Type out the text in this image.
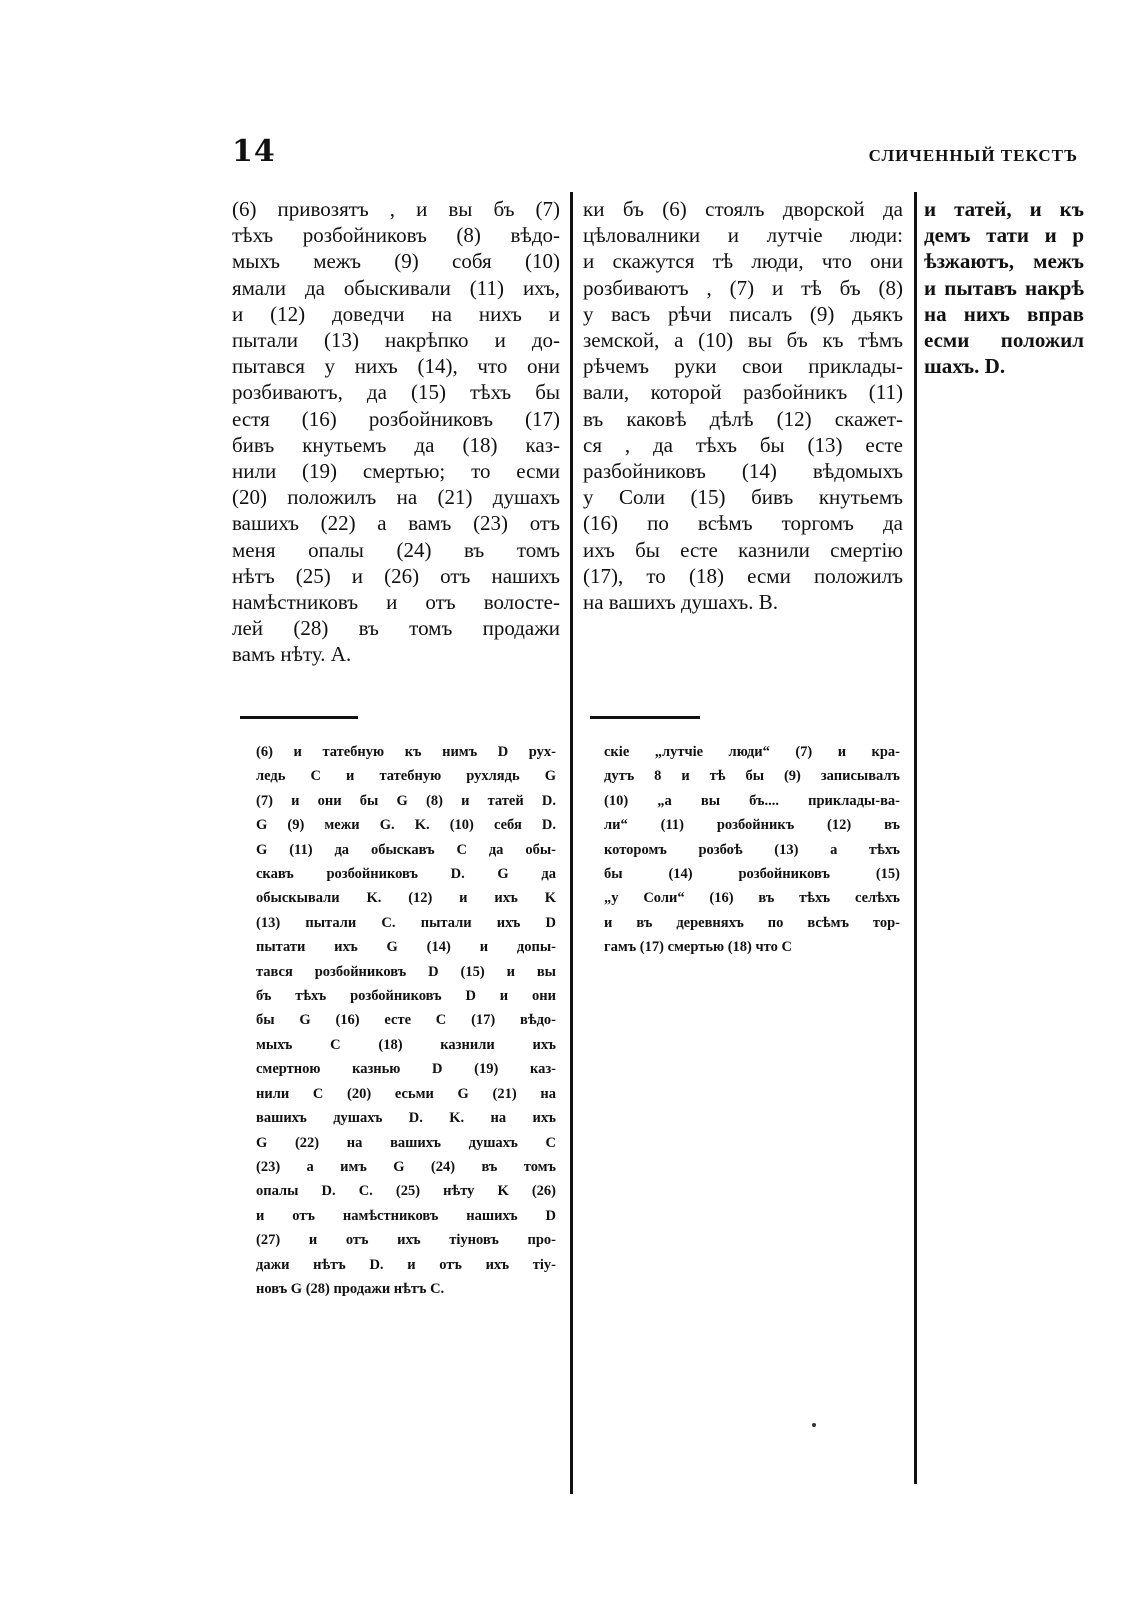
14	СЛИЧЕННЫЙ ТЕКСТЪ
(6) привозятъ , и вы бъ (7)
тѣхъ розбойниковъ (8) вѣдо-
мыхъ межъ (9) собя (10)
ямали да обыскивали (11) ихъ,
и (12) доведчи на нихъ и
пытали (13) накрѣпко и до-
пытався у нихъ (14), что они
розбиваютъ, да (15) тѣхъ бы
естя (16) розбойниковъ (17)
бивъ кнутьемъ да (18) каз-
нили (19) смертью; то есми
(20) положилъ на (21) душахъ
вашихъ (22) а вамъ (23) отъ
меня опалы (24) въ томъ
нѣтъ (25) и (26) отъ нашихъ
намѣстниковъ и отъ волосте-
лей (28) въ томъ продажи
вамъ нѣту. A.
ки бъ (6) стоялъ дворской да
цѣловалники и лутчіе люди:
и скажутся тѣ люди, что они
розбиваютъ , (7) и тѣ бъ (8)
у васъ рѣчи писалъ (9) дьякъ
земской, а (10) вы бъ къ тѣмъ
рѣчемъ руки свои приклады-
вали, которой разбойникъ (11)
въ каковѣ дѣлѣ (12) скажет-
ся , да тѣхъ бы (13) есте
разбойниковъ (14) вѣдомыхъ
у Соли (15) бивъ кнутьемъ
(16) по всѣмъ торгомъ да
ихъ бы есте казнили смертію
(17), то (18) есми положилъ
на вашихъ душахъ. B.
и татей, и къ
демъ тати и р
ѣзжаютъ, межъ
и пытавъ накрѣ
на нихъ вправ
есми положил
шахъ. D.
(6) и татебную къ нимъ D рух-
ледь C и татебную рухлядь G
(7) и они бы G (8) и татей D.
G (9) межи G. K. (10) себя D.
G (11) да обыскавъ C да обы-
скавъ розбойниковъ D. G да
обыскывали K. (12) и ихъ K
(13) пытали C. пытали ихъ D
пытати ихъ G (14) и допы-
тався розбойниковъ D (15) и вы
бъ тѣхъ розбойниковъ D и они
бы G (16) есте C (17) вѣдо-
мыхъ C (18) казнили ихъ
смертною казнью D (19) каз-
нили C (20) есьми G (21) на
вашихъ душахъ D. K. на ихъ
G (22) на вашихъ душахъ C
(23) а имъ G (24) въ томъ
опалы D. C. (25) нѣту K (26)
и отъ намѣстниковъ нашихъ D
(27) и отъ ихъ тіуновъ про-
дажи нѣтъ D. и отъ ихъ тіу-
новъ G (28) продажи нѣтъ C.
скіе „лутчіе люди“ (7) и кра-
дутъ 8 и тѣ бы (9) записывалъ
(10) „а вы бъ.... приклады-ва-
ли“ (11) розбойникъ (12) въ
которомъ розбоѣ (13) а тѣхъ
бы (14) розбойниковъ (15)
„у Соли“ (16) въ тѣхъ селѣхъ
и въ деревняхъ по всѣмъ тор-
гамъ (17) смертью (18) что C
